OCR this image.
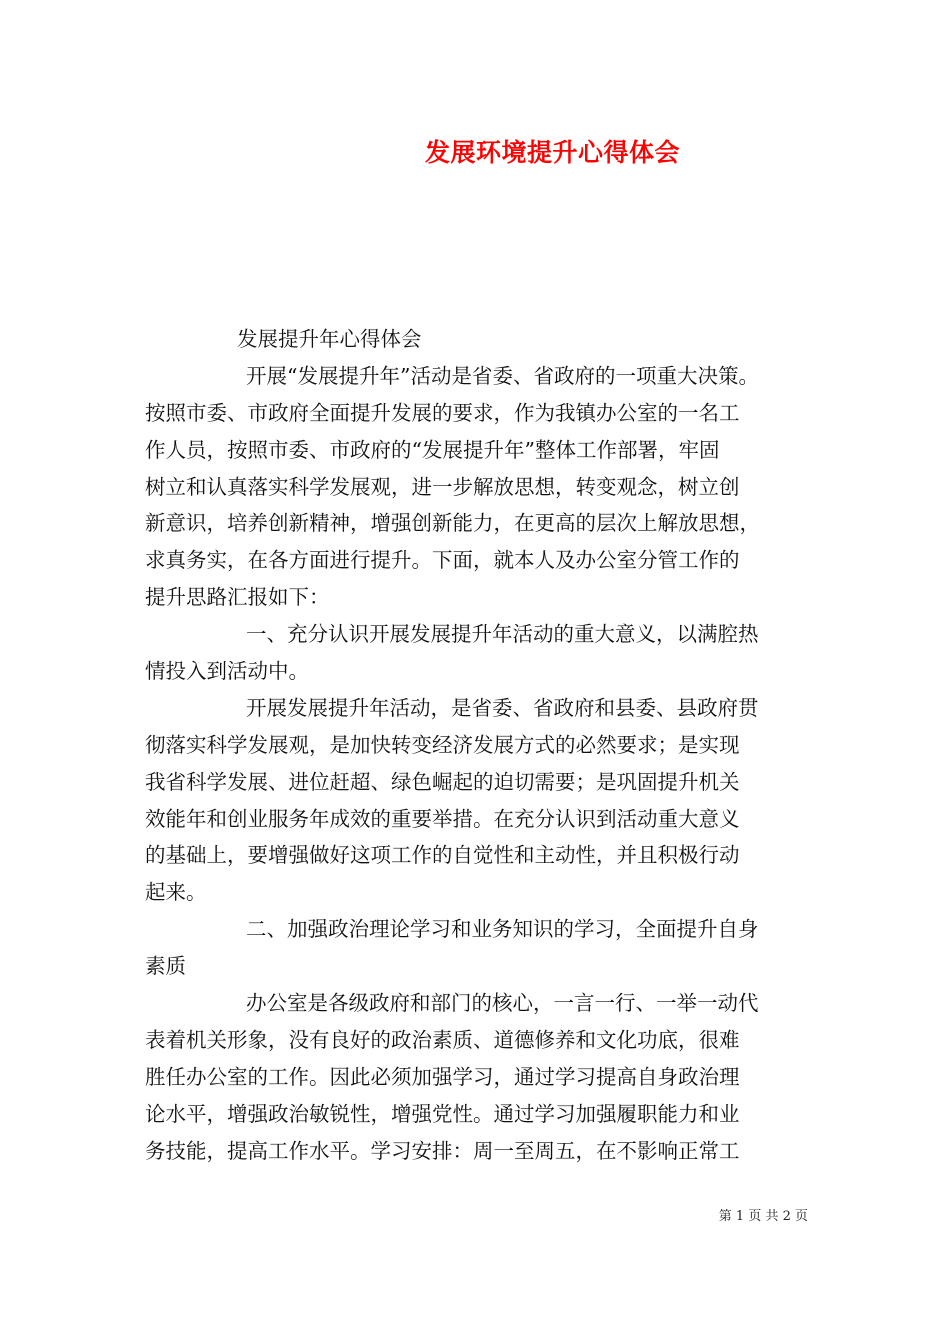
发展环境提升心得体会
发展提升年心得体会
开展“发展提升年”活动是省委、省政府的一项重大决策。
按照市委、市政府全面提升发展的要求，作为我镇办公室的一名工
作人员，按照市委、市政府的“发展提升年”整体工作部署，牢固
树立和认真落实科学发展观，进一步解放思想，转变观念，树立创
新意识，培养创新精神，增强创新能力，在更高的层次上解放思想，
求真务实，在各方面进行提升。下面，就本人及办公室分管工作的
提升思路汇报如下：
一、充分认识开展发展提升年活动的重大意义，以满腔热
情投入到活动中。
开展发展提升年活动，是省委、省政府和县委、县政府贯
彻落实科学发展观，是加快转变经济发展方式的必然要求；是实现
我省科学发展、进位赶超、绿色崛起的迫切需要；是巩固提升机关
效能年和创业服务年成效的重要举措。在充分认识到活动重大意义
的基础上，要增强做好这项工作的自觉性和主动性，并且积极行动
起来。
二、加强政治理论学习和业务知识的学习，全面提升自身
素质
办公室是各级政府和部门的核心，一言一行、一举一动代
表着机关形象，没有良好的政治素质、道德修养和文化功底，很难
胜任办公室的工作。因此必须加强学习，通过学习提高自身政治理
论水平，增强政治敏锐性，增强党性。通过学习加强履职能力和业
务技能，提高工作水平。学习安排：周一至周五，在不影响正常工
第 1 页 共 2 页
